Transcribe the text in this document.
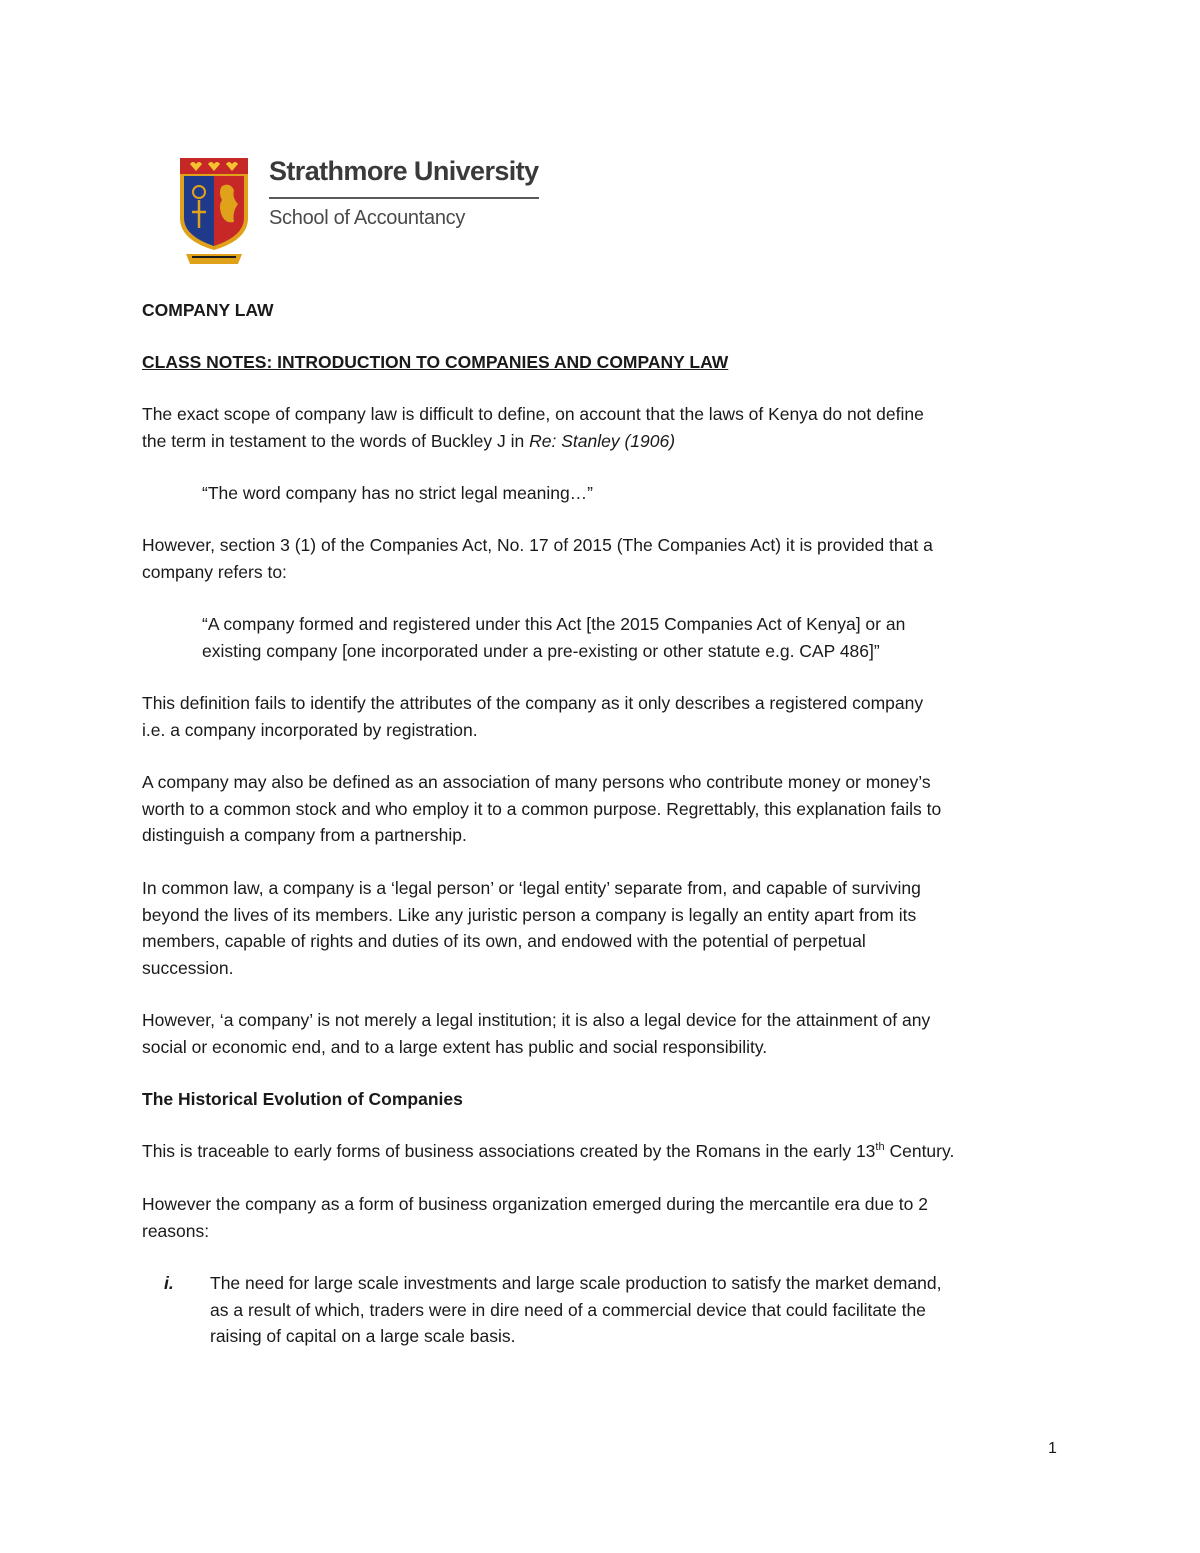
Strathmore University
School of Accountancy

COMPANY LAW

CLASS NOTES: INTRODUCTION TO COMPANIES AND COMPANY LAW

The exact scope of company law is difficult to define, on account that the laws of Kenya do not define
the term in testament to the words of Buckley J in Re: Stanley (1906)

“The word company has no strict legal meaning…”

However, section 3 (1) of the Companies Act, No. 17 of 2015 (The Companies Act) it is provided that a
company refers to:
“A company formed and registered under this Act [the 2015 Companies Act of Kenya] or an
existing company [one incorporated under a pre-existing or other statute e.g. CAP 486]”
This definition fails to identify the attributes of the company as it only describes a registered company
i.e. a company incorporated by registration.
A company may also be defined as an association of many persons who contribute money or money’s
worth to a common stock and who employ it to a common purpose. Regrettably, this explanation fails to
distinguish a company from a partnership.
In common law, a company is a ‘legal person’ or ‘legal entity’ separate from, and capable of surviving
beyond the lives of its members. Like any juristic person a company is legally an entity apart from its
members, capable of rights and duties of its own, and endowed with the potential of perpetual
succession.
However, ‘a company’ is not merely a legal institution; it is also a legal device for the attainment of any
social or economic end, and to a large extent has public and social responsibility.

The Historical Evolution of Companies

This is traceable to early forms of business associations created by the Romans in the early 13th Century.

However the company as a form of business organization emerged during the mercantile era due to 2
reasons:
i. The need for large scale investments and large scale production to satisfy the market demand,
as a result of which, traders were in dire need of a commercial device that could facilitate the
raising of capital on a large scale basis.
1
